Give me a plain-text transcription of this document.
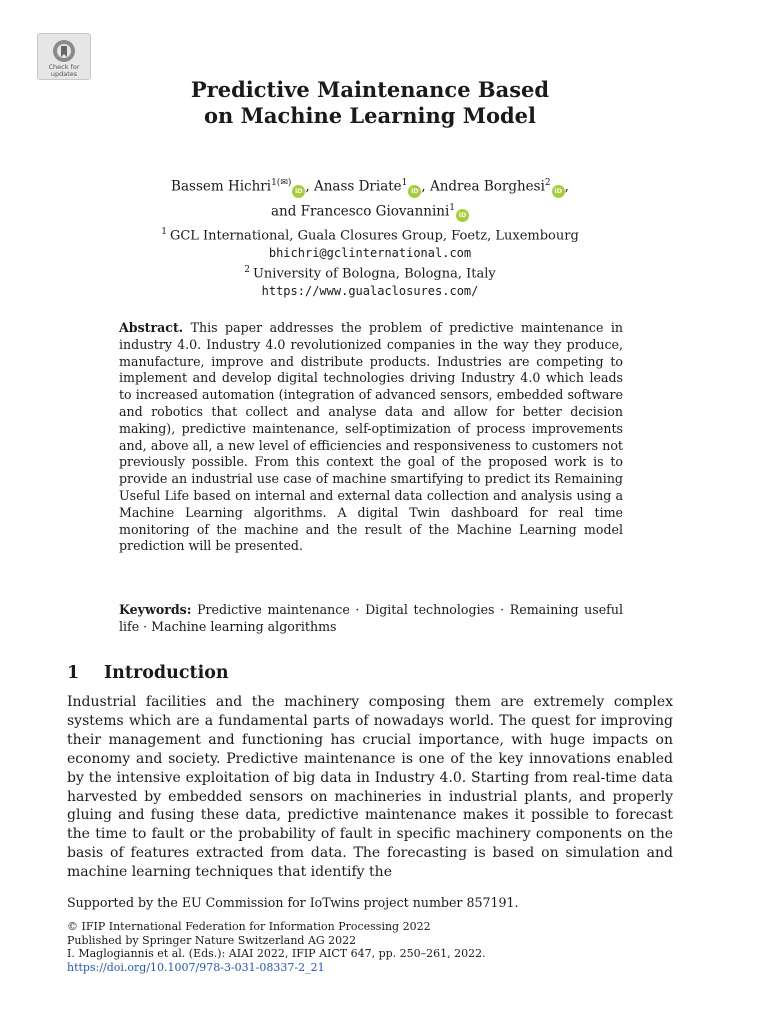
Check for
updates
Predictive Maintenance Based
on Machine Learning Model
Bassem Hichri$^{1(✉)}$iD , Anass Driate$^1$iD , Andrea Borghesi$^2$iD ,
and Francesco Giovannini$^1$iD
$^1$ GCL International, Guala Closures Group, Foetz, Luxembourg
bhichri@gclinternational.com
$^2$ University of Bologna, Bologna, Italy
https://www.gualaclosures.com/
Abstract. This paper addresses the problem of predictive maintenance in industry 4.0. Industry 4.0 revolutionized companies in the way they produce, manufacture, improve and distribute products. Industries are competing to implement and develop digital technologies driving Industry 4.0 which leads to increased automation (integration of advanced sensors, embedded software and robotics that collect and analyse data and allow for better decision making), predictive maintenance, self-optimization of process improvements and, above all, a new level of efficiencies and responsiveness to customers not previously possible. From this context the goal of the proposed work is to provide an industrial use case of machine smartifying to predict its Remaining Useful Life based on internal and external data collection and analysis using a Machine Learning algorithms. A digital Twin dashboard for real time monitoring of the machine and the result of the Machine Learning model prediction will be presented.
Keywords: Predictive maintenance · Digital technologies · Remaining useful life · Machine learning algorithms
1 Introduction
Industrial facilities and the machinery composing them are extremely complex systems which are a fundamental parts of nowadays world. The quest for improving their management and functioning has crucial importance, with huge impacts on economy and society. Predictive maintenance is one of the key innovations enabled by the intensive exploitation of big data in Industry 4.0. Starting from real-time data harvested by embedded sensors on machineries in industrial plants, and properly gluing and fusing these data, predictive maintenance makes it possible to forecast the time to fault or the probability of fault in specific machinery components on the basis of features extracted from data. The forecasting is based on simulation and machine learning techniques that identify the
Supported by the EU Commission for IoTwins project number 857191.
© IFIP International Federation for Information Processing 2022
Published by Springer Nature Switzerland AG 2022
I. Maglogiannis et al. (Eds.): AIAI 2022, IFIP AICT 647, pp. 250–261, 2022.
https://doi.org/10.1007/978-3-031-08337-2_21
